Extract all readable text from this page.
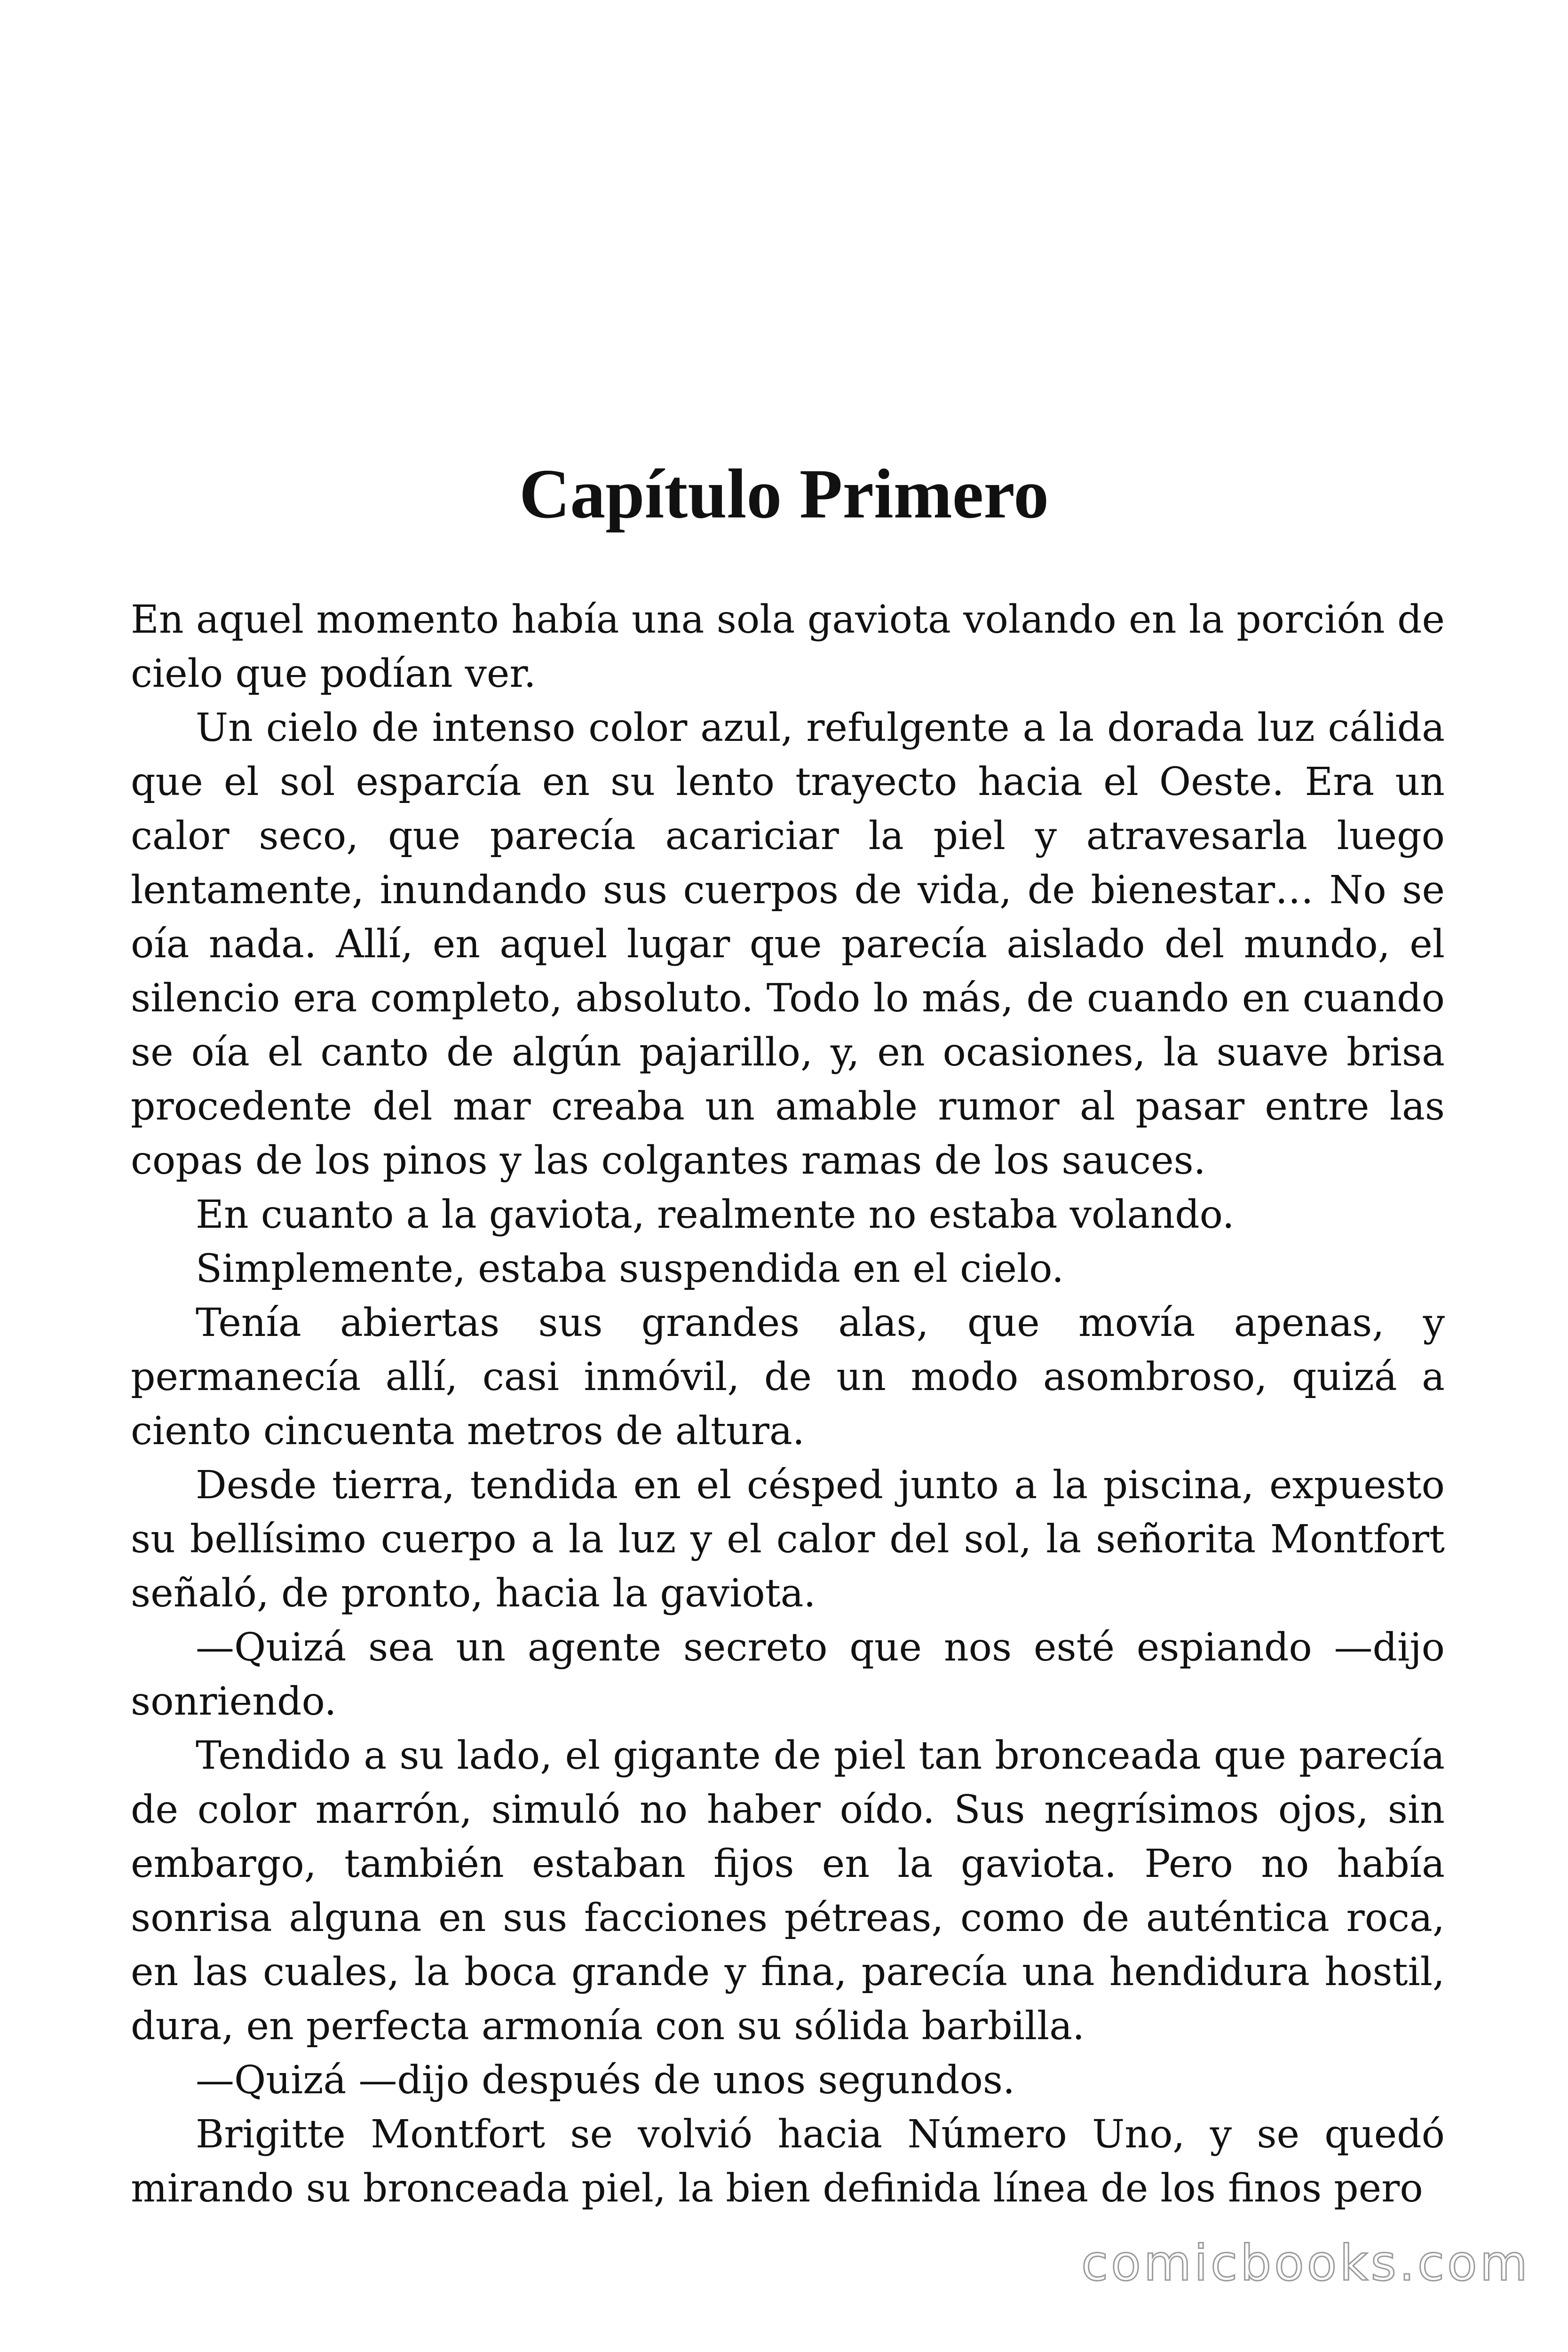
Capítulo Primero

En aquel momento había una sola gaviota volando en la porción de cielo que podían ver.

Un cielo de intenso color azul, refulgente a la dorada luz cálida que el sol esparcía en su lento trayecto hacia el Oeste. Era un calor seco, que parecía acariciar la piel y atravesarla luego lentamente, inundando sus cuerpos de vida, de bienestar… No se oía nada. Allí, en aquel lugar que parecía aislado del mundo, el silencio era completo, absoluto. Todo lo más, de cuando en cuando se oía el canto de algún pajarillo, y, en ocasiones, la suave brisa procedente del mar creaba un amable rumor al pasar entre las copas de los pinos y las colgantes ramas de los sauces.

En cuanto a la gaviota, realmente no estaba volando.

Simplemente, estaba suspendida en el cielo.

Tenía abiertas sus grandes alas, que movía apenas, y permanecía allí, casi inmóvil, de un modo asombroso, quizá a ciento cincuenta metros de altura.

Desde tierra, tendida en el césped junto a la piscina, expuesto su bellísimo cuerpo a la luz y el calor del sol, la señorita Montfort señaló, de pronto, hacia la gaviota.

—Quizá sea un agente secreto que nos esté espiando —dijo sonriendo.

Tendido a su lado, el gigante de piel tan bronceada que parecía de color marrón, simuló no haber oído. Sus negrísimos ojos, sin embargo, también estaban fijos en la gaviota. Pero no había sonrisa alguna en sus facciones pétreas, como de auténtica roca, en las cuales, la boca grande y fina, parecía una hendidura hostil, dura, en perfecta armonía con su sólida barbilla.

—Quizá —dijo después de unos segundos.

Brigitte Montfort se volvió hacia Número Uno, y se quedó mirando su bronceada piel, la bien definida línea de los finos pero

comicbooks.com
